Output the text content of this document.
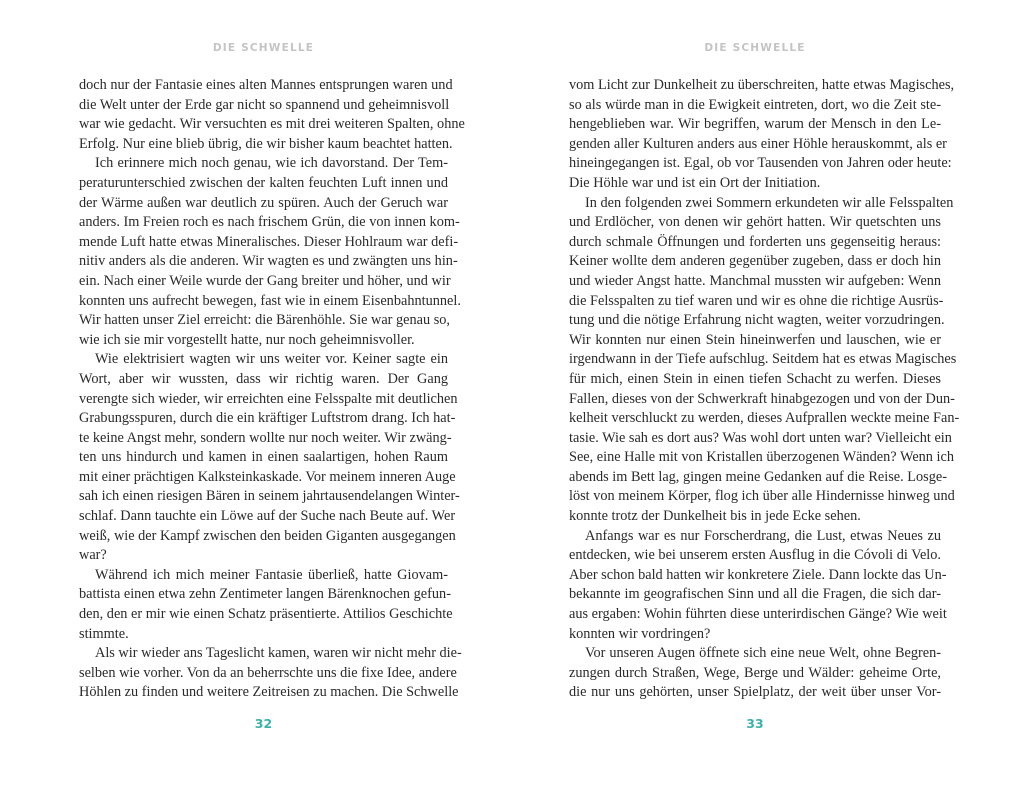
DIE SCHWELLE
doch nur der Fantasie eines alten Mannes entsprungen waren und
die Welt unter der Erde gar nicht so spannend und geheimnisvoll
war wie gedacht. Wir versuchten es mit drei weiteren Spalten, ohne
Erfolg. Nur eine blieb übrig, die wir bisher kaum beachtet hatten.
Ich erinnere mich noch genau, wie ich davorstand. Der Tem-
peraturunterschied zwischen der kalten feuchten Luft innen und
der Wärme außen war deutlich zu spüren. Auch der Geruch war
anders. Im Freien roch es nach frischem Grün, die von innen kom-
mende Luft hatte etwas Mineralisches. Dieser Hohlraum war defi-
nitiv anders als die anderen. Wir wagten es und zwängten uns hin-
ein. Nach einer Weile wurde der Gang breiter und höher, und wir
konnten uns aufrecht bewegen, fast wie in einem Eisenbahntunnel.
Wir hatten unser Ziel erreicht: die Bärenhöhle. Sie war genau so,
wie ich sie mir vorgestellt hatte, nur noch geheimnisvoller.
Wie elektrisiert wagten wir uns weiter vor. Keiner sagte ein
Wort, aber wir wussten, dass wir richtig waren. Der Gang
verengte sich wieder, wir erreichten eine Felsspalte mit deutlichen
Grabungsspuren, durch die ein kräftiger Luftstrom drang. Ich hat-
te keine Angst mehr, sondern wollte nur noch weiter. Wir zwäng-
ten uns hindurch und kamen in einen saalartigen, hohen Raum
mit einer prächtigen Kalksteinkaskade. Vor meinem inneren Auge
sah ich einen riesigen Bären in seinem jahrtausendelangen Winter-
schlaf. Dann tauchte ein Löwe auf der Suche nach Beute auf. Wer
weiß, wie der Kampf zwischen den beiden Giganten ausgegangen
war?
Während ich mich meiner Fantasie überließ, hatte Giovam-
battista einen etwa zehn Zentimeter langen Bärenknochen gefun-
den, den er mir wie einen Schatz präsentierte. Attilios Geschichte
stimmte.
Als wir wieder ans Tageslicht kamen, waren wir nicht mehr die-
selben wie vorher. Von da an beherrschte uns die fixe Idee, andere
Höhlen zu finden und weitere Zeitreisen zu machen. Die Schwelle
32
DIE SCHWELLE
vom Licht zur Dunkelheit zu überschreiten, hatte etwas Magisches,
so als würde man in die Ewigkeit eintreten, dort, wo die Zeit ste-
hengeblieben war. Wir begriffen, warum der Mensch in den Le-
genden aller Kulturen anders aus einer Höhle herauskommt, als er
hineingegangen ist. Egal, ob vor Tausenden von Jahren oder heute:
Die Höhle war und ist ein Ort der Initiation.
In den folgenden zwei Sommern erkundeten wir alle Felsspalten
und Erdlöcher, von denen wir gehört hatten. Wir quetschten uns
durch schmale Öffnungen und forderten uns gegenseitig heraus:
Keiner wollte dem anderen gegenüber zugeben, dass er doch hin
und wieder Angst hatte. Manchmal mussten wir aufgeben: Wenn
die Felsspalten zu tief waren und wir es ohne die richtige Ausrüs-
tung und die nötige Erfahrung nicht wagten, weiter vorzudringen.
Wir konnten nur einen Stein hineinwerfen und lauschen, wie er
irgendwann in der Tiefe aufschlug. Seitdem hat es etwas Magisches
für mich, einen Stein in einen tiefen Schacht zu werfen. Dieses
Fallen, dieses von der Schwerkraft hinabgezogen und von der Dun-
kelheit verschluckt zu werden, dieses Aufprallen weckte meine Fan-
tasie. Wie sah es dort aus? Was wohl dort unten war? Vielleicht ein
See, eine Halle mit von Kristallen überzogenen Wänden? Wenn ich
abends im Bett lag, gingen meine Gedanken auf die Reise. Losge-
löst von meinem Körper, flog ich über alle Hindernisse hinweg und
konnte trotz der Dunkelheit bis in jede Ecke sehen.
Anfangs war es nur Forscherdrang, die Lust, etwas Neues zu
entdecken, wie bei unserem ersten Ausflug in die Cóvoli di Velo.
Aber schon bald hatten wir konkretere Ziele. Dann lockte das Un-
bekannte im geografischen Sinn und all die Fragen, die sich dar-
aus ergaben: Wohin führten diese unterirdischen Gänge? Wie weit
konnten wir vordringen?
Vor unseren Augen öffnete sich eine neue Welt, ohne Begren-
zungen durch Straßen, Wege, Berge und Wälder: geheime Orte,
die nur uns gehörten, unser Spielplatz, der weit über unser Vor-
33
